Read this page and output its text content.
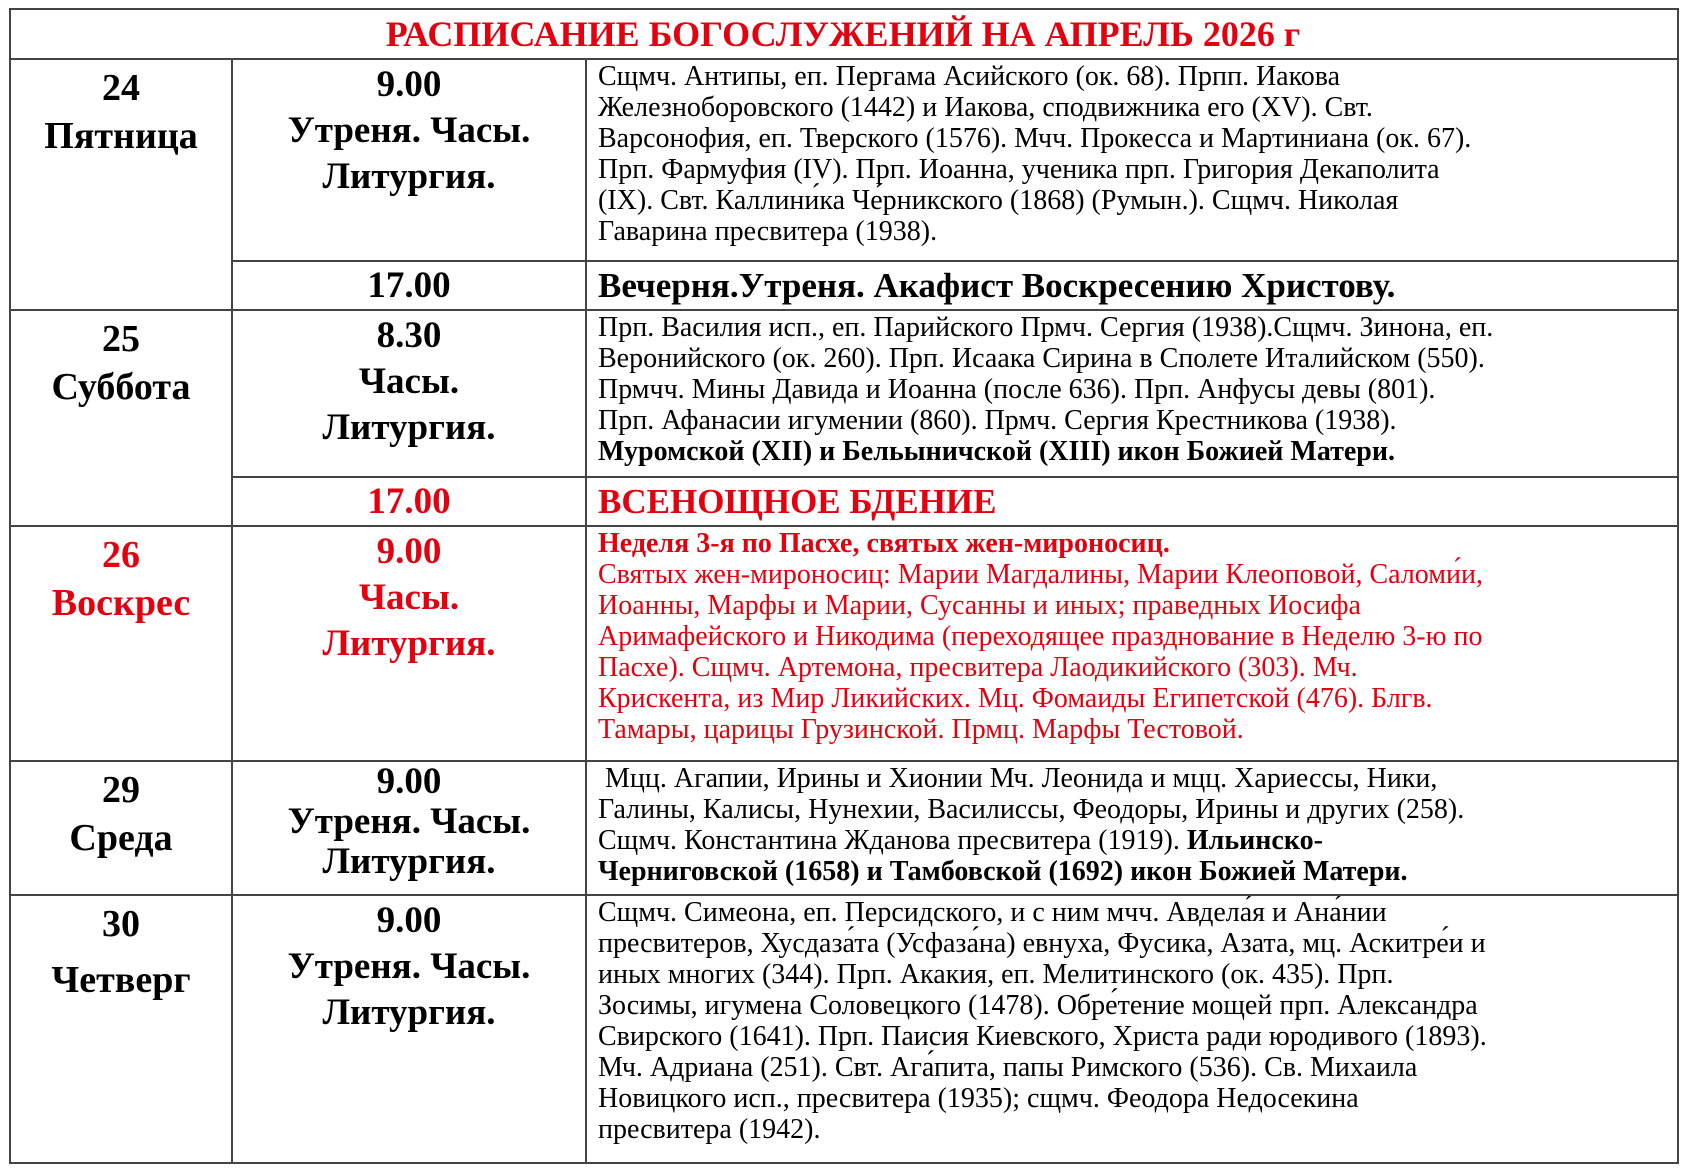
РАСПИСАНИЕ БОГОСЛУЖЕНИЙ НА АПРЕЛЬ 2026 г
24
Пятница
9.00
Утреня. Часы.
Литургия.
Сщмч. Антипы, еп. Пергама Асийского (ок. 68). Прпп. Иакова
Железноборовского (1442) и Иакова, сподвижника его (XV). Свт.
Варсонофия, еп. Тверского (1576). Мчч. Прокесса и Мартиниана (ок. 67).
Прп. Фармуфия (IV). Прп. Иоанна, ученика прп. Григория Декаполита
(IX). Свт. Каллини́ка Че́рникского (1868) (Румын.). Сщмч. Николая
Гаварина пресвитера (1938).
17.00	Вечерня.Утреня. Акафист Воскресению Христову.
25
Суббота
8.30
Часы.
Литургия.
Прп. Василия исп., еп. Парийского Прмч. Сергия (1938).Сщмч. Зинона, еп.
Веронийского (ок. 260). Прп. Исаака Сирина в Сполете Италийском (550).
Прмчч. Мины Давида и Иоанна (после 636). Прп. Анфусы девы (801).
Прп. Афанасии игумении (860). Прмч. Сергия Крестникова (1938).
Муромской (XII) и Бельыничской (XIII) икон Божией Матери.
17.00	ВСЕНОЩНОЕ БДЕНИЕ
26
Воскрес
9.00
Часы.
Литургия.
Неделя 3-я по Пасхе, святых жен-мироносиц.
Святых жен-мироносиц: Марии Магдалины, Марии Клеоповой, Саломи́и,
Иоанны, Марфы и Марии, Сусанны и иных; праведных Иосифа
Аримафейского и Никодима (переходящее празднование в Неделю 3-ю по
Пасхе). Сщмч. Артемона, пресвитера Лаодикийского (303). Мч.
Крискента, из Мир Ликийских. Мц. Фомаиды Египетской (476). Блгв.
Тамары, царицы Грузинской. Прмц. Марфы Тестовой.
29
Среда
9.00
Утреня. Часы.
Литургия.
Мцц. Агапии, Ирины и Хионии Мч. Леонида и мцц. Хариессы, Ники,
Галины, Калисы, Нунехии, Василиссы, Феодоры, Ирины и других (258).
Сщмч. Константина Жданова пресвитера (1919). Ильинско-
Черниговской (1658) и Тамбовской (1692) икон Божией Матери.
30
Четверг
9.00
Утреня. Часы.
Литургия.
Сщмч. Симеона, еп. Персидского, и с ним мчч. Авдела́я и Ана́нии
пресвитеров, Хусдаза́та (Усфаза́на) евнуха, Фусика, Азата, мц. Аскитре́и и
иных многих (344). Прп. Акакия, еп. Мелитинского (ок. 435). Прп.
Зосимы, игумена Соловецкого (1478). Обре́тение мощей прп. Александра
Свирского (1641). Прп. Паисия Киевского, Христа ради юродивого (1893).
Мч. Адриана (251). Свт. Ага́пита, папы Римского (536). Св. Михаила
Новицкого исп., пресвитера (1935); сщмч. Феодора Недосекина
пресвитера (1942).
